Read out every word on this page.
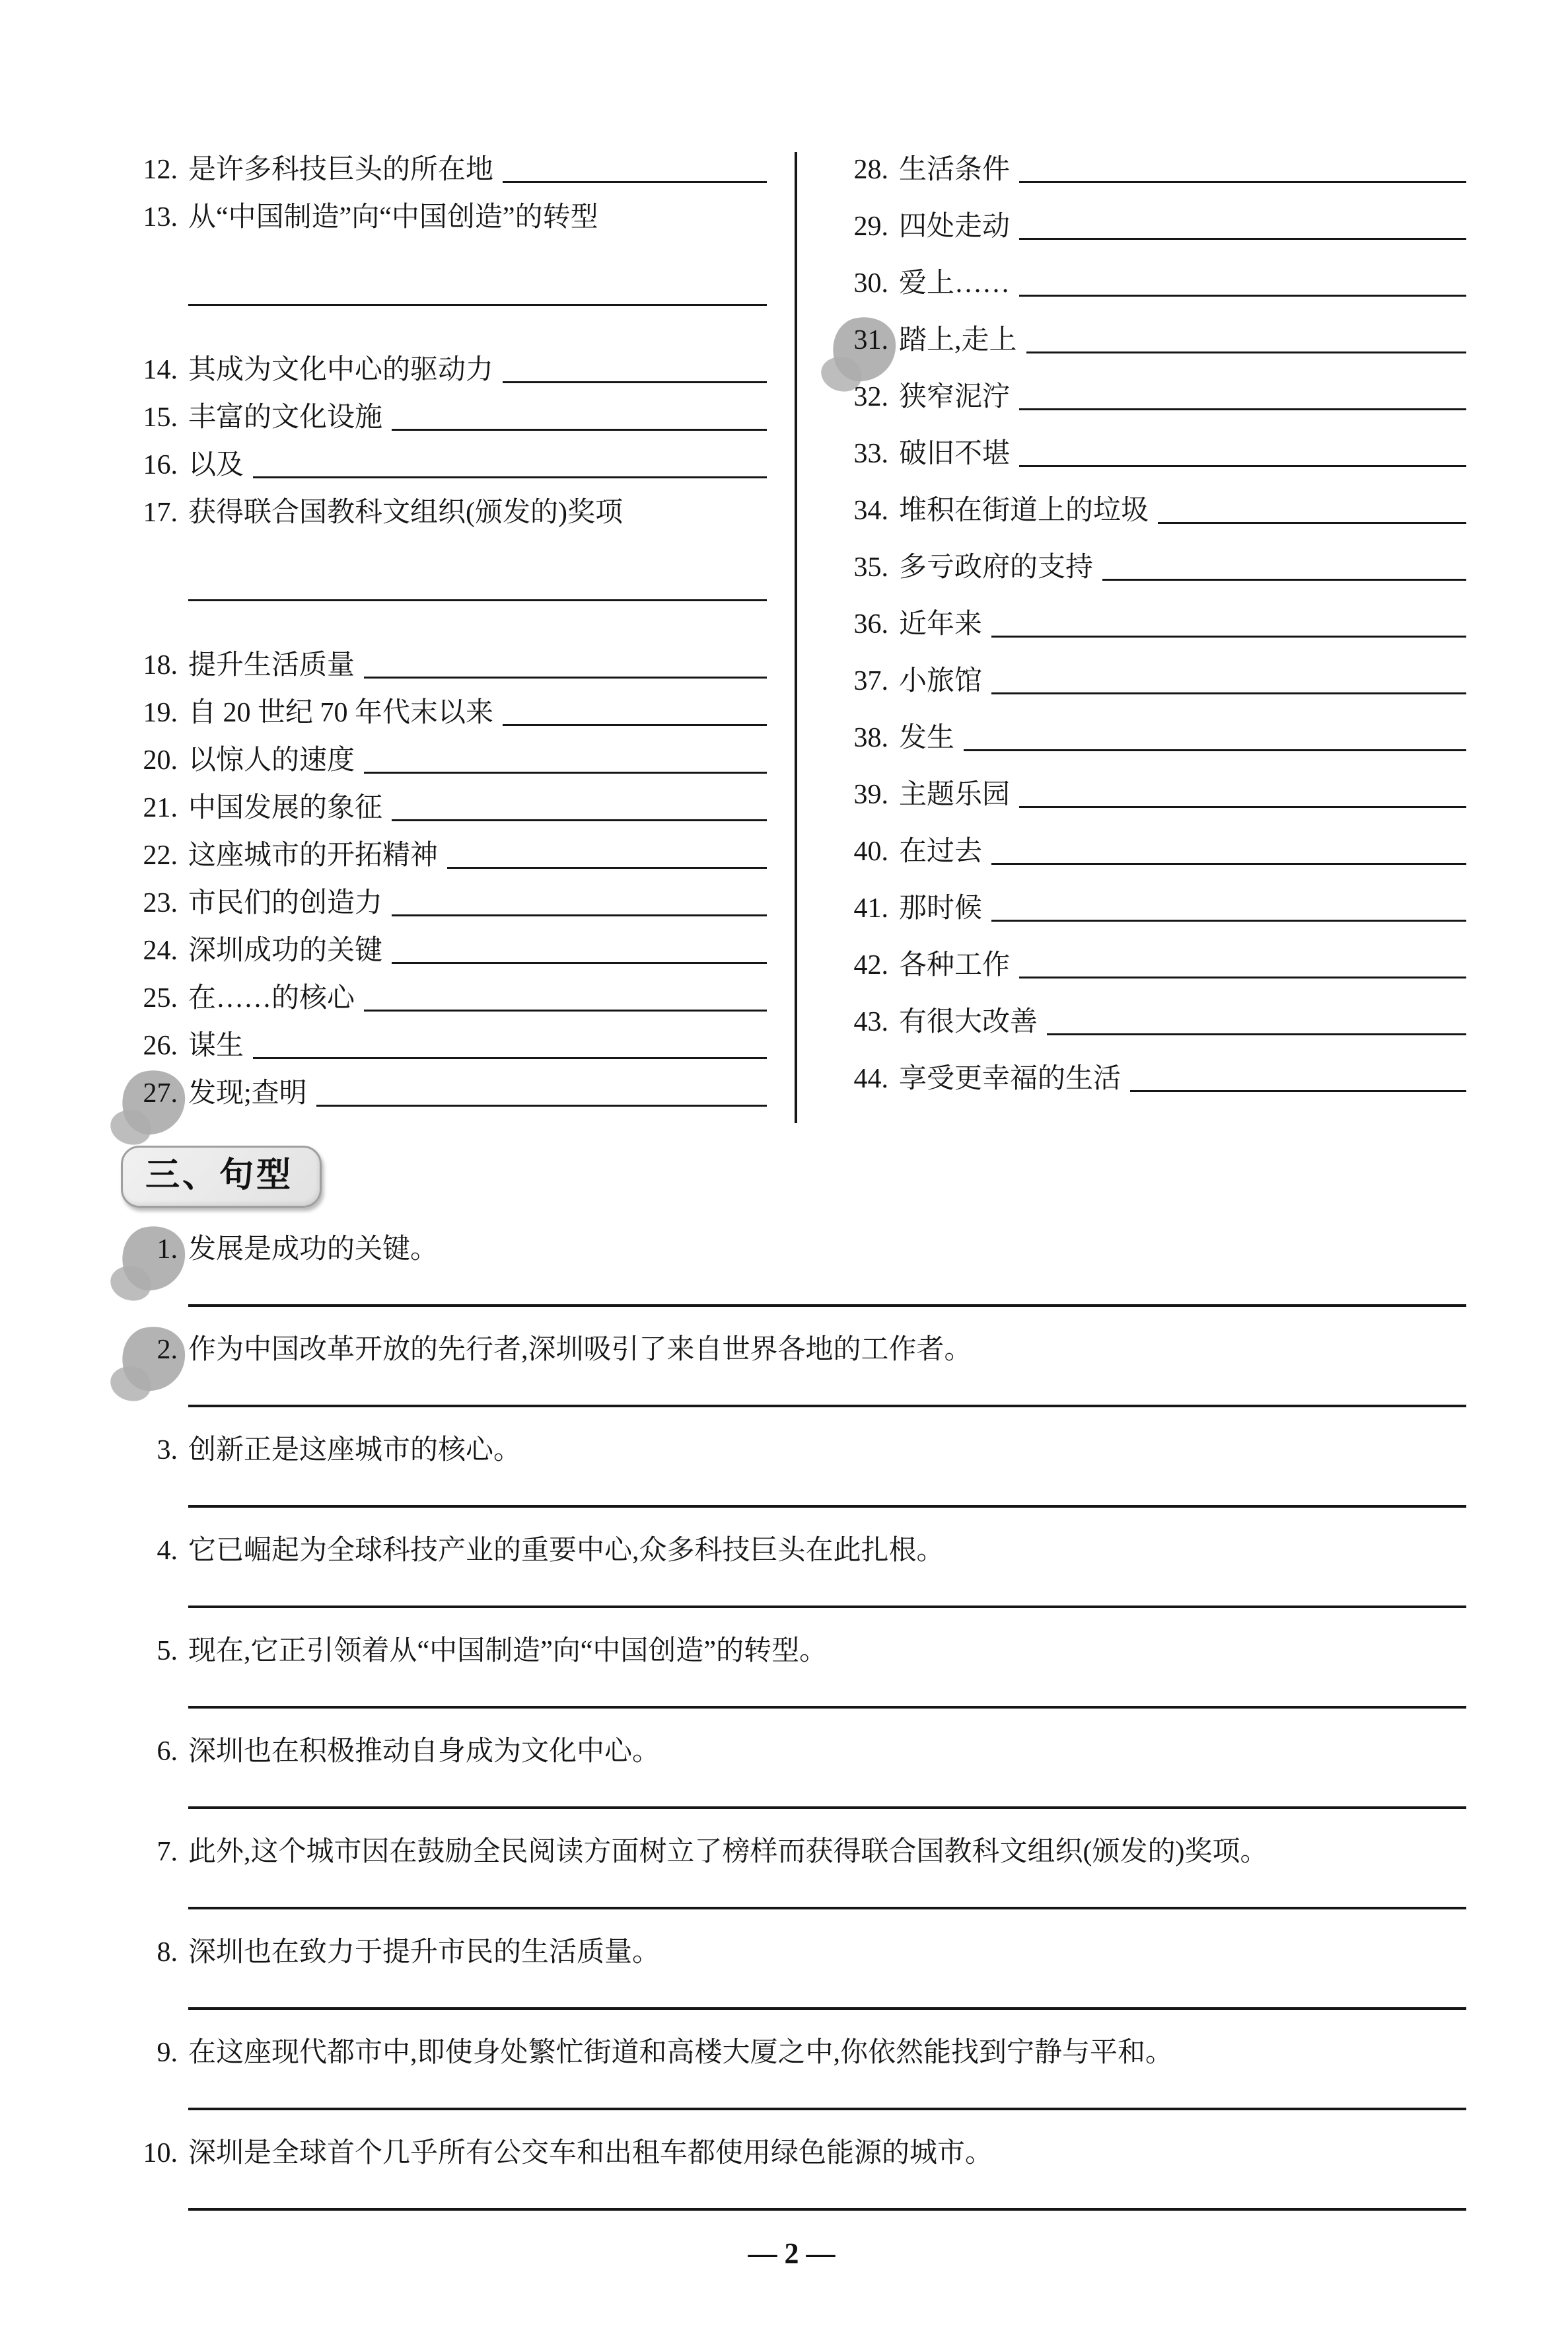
12. 是许多科技巨头的所在地
13. 从“中国制造”向“中国创造”的转型
14. 其成为文化中心的驱动力
15. 丰富的文化设施
16. 以及
17. 获得联合国教科文组织(颁发的)奖项
18. 提升生活质量
19. 自 20 世纪 70 年代末以来
20. 以惊人的速度
21. 中国发展的象征
22. 这座城市的开拓精神
23. 市民们的创造力
24. 深圳成功的关键
25. 在……的核心
26. 谋生
27. 发现;查明
28. 生活条件
29. 四处走动
30. 爱上……
31. 踏上,走上
32. 狭窄泥泞
33. 破旧不堪
34. 堆积在街道上的垃圾
35. 多亏政府的支持
36. 近年来
37. 小旅馆
38. 发生
39. 主题乐园
40. 在过去
41. 那时候
42. 各种工作
43. 有很大改善
44. 享受更幸福的生活
三、句型
1. 发展是成功的关键。
2. 作为中国改革开放的先行者,深圳吸引了来自世界各地的工作者。
3. 创新正是这座城市的核心。
4. 它已崛起为全球科技产业的重要中心,众多科技巨头在此扎根。
5. 现在,它正引领着从“中国制造”向“中国创造”的转型。
6. 深圳也在积极推动自身成为文化中心。
7. 此外,这个城市因在鼓励全民阅读方面树立了榜样而获得联合国教科文组织(颁发的)奖项。
8. 深圳也在致力于提升市民的生活质量。
9. 在这座现代都市中,即使身处繁忙街道和高楼大厦之中,你依然能找到宁静与平和。
10. 深圳是全球首个几乎所有公交车和出租车都使用绿色能源的城市。
— 2 —
